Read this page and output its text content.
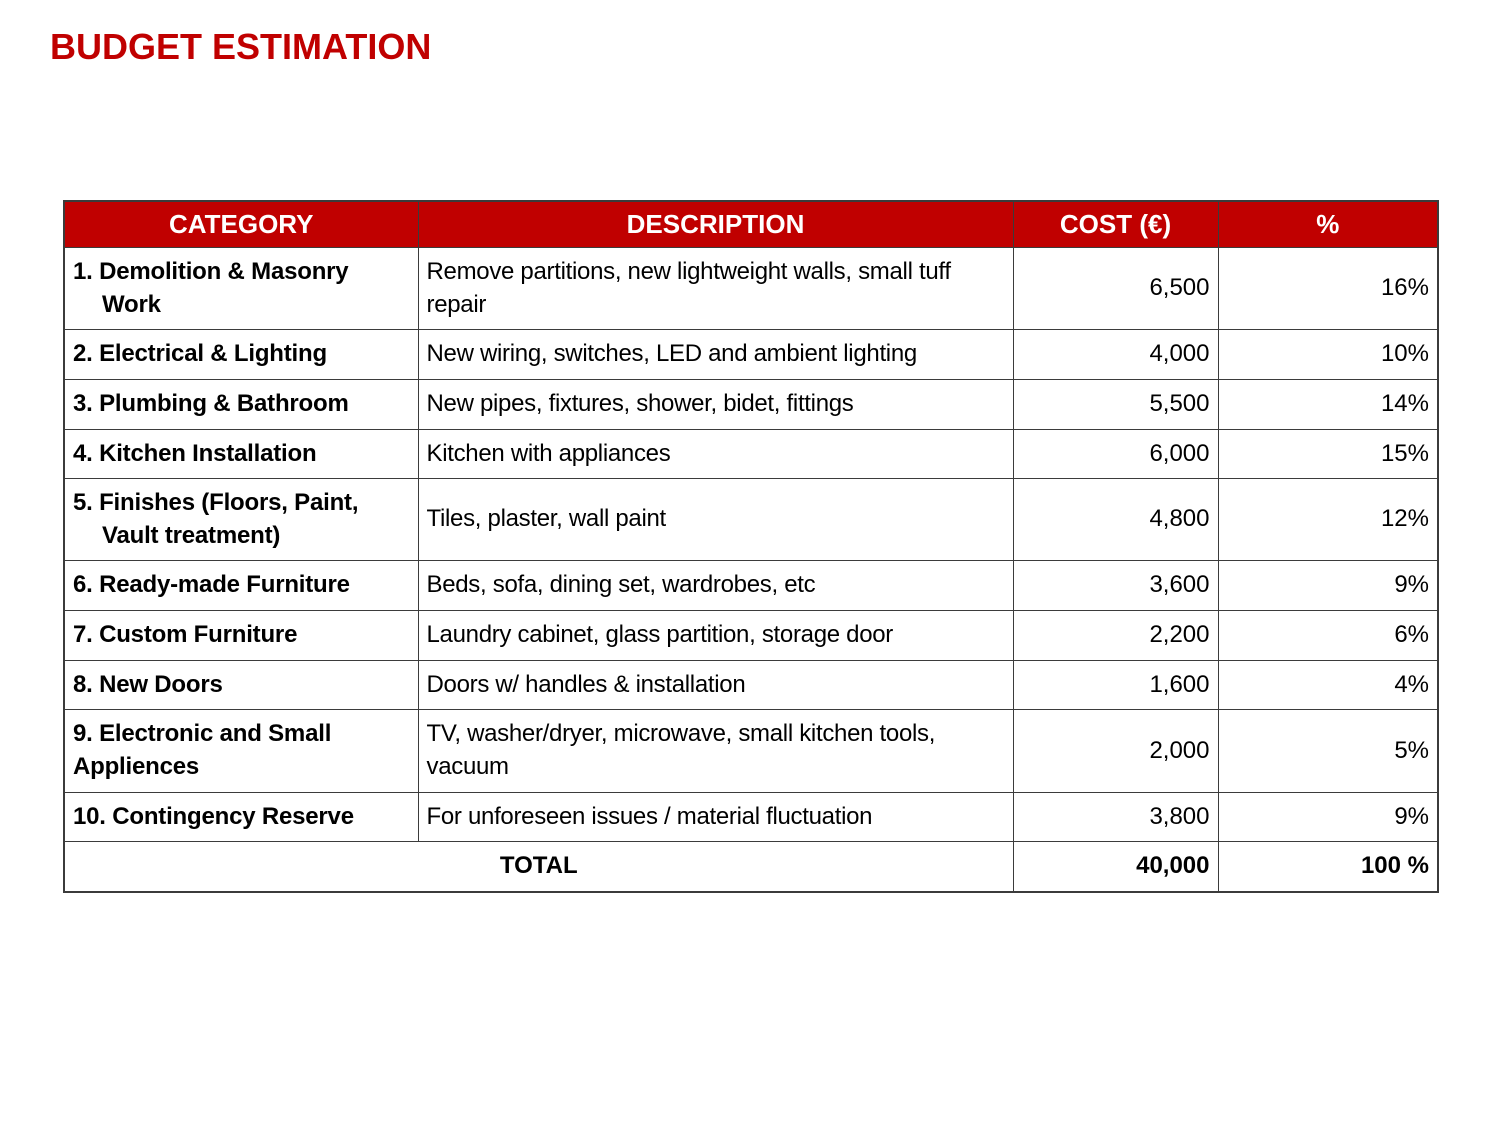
BUDGET ESTIMATION
CATEGORY	DESCRIPTION	COST (€)	%
1. Demolition & Masonry Work	Remove partitions, new lightweight walls, small tuff repair	6,500	16%
2. Electrical & Lighting	New wiring, switches, LED and ambient lighting	4,000	10%
3. Plumbing & Bathroom	New pipes, fixtures, shower, bidet, fittings	5,500	14%
4. Kitchen Installation	Kitchen with appliances	6,000	15%
5. Finishes (Floors, Paint, Vault treatment)	Tiles, plaster, wall paint	4,800	12%
6. Ready-made Furniture	Beds, sofa, dining set, wardrobes, etc	3,600	9%
7. Custom Furniture	Laundry cabinet, glass partition, storage door	2,200	6%
8. New Doors	Doors w/ handles & installation	1,600	4%
9. Electronic and Small Appliences	TV, washer/dryer, microwave, small kitchen tools, vacuum	2,000	5%
10. Contingency Reserve	For unforeseen issues / material fluctuation	3,800	9%
TOTAL		40,000	100 %
